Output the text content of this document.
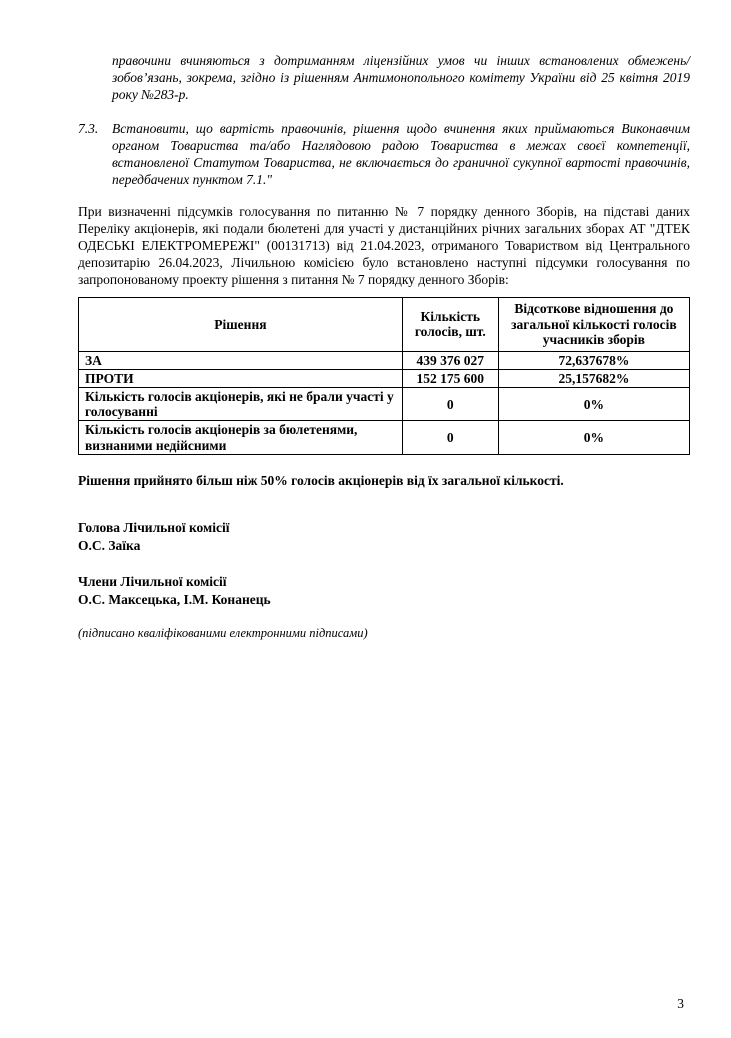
правочини вчиняються з дотриманням ліцензійних умов чи інших встановлених обмежень/зобов’язань, зокрема, згідно із рішенням Антимонопольного комітету України від 25 квітня 2019 року №283-р.

7.3.	Встановити, що вартість правочинів, рішення щодо вчинення яких приймаються Виконавчим органом Товариства та/або Наглядовою радою Товариства в межах своєї компетенції, встановленої Статутом Товариства, не включається до граничної сукупної вартості правочинів, передбачених пунктом 7.1."

При визначенні підсумків голосування по питанню № 7 порядку денного Зборів, на підставі даних Переліку акціонерів, які подали бюлетені для участі у дистанційних річних загальних зборах АТ "ДТЕК ОДЕСЬКІ ЕЛЕКТРОМЕРЕЖІ" (00131713) від 21.04.2023, отриманого Товариством від Центрального депозитарію 26.04.2023, Лічильною комісією було встановлено наступні підсумки голосування по запропонованому проекту рішення з питання № 7 порядку денного Зборів:

Рішення	Кількість голосів, шт.	Відсоткове відношення до загальної кількості голосів учасників зборів
ЗА	439 376 027	72,637678%
ПРОТИ	152 175 600	25,157682%
Кількість голосів акціонерів, які не брали участі у голосуванні	0	0%
Кількість голосів акціонерів за бюлетенями, визнаними недійсними	0	0%

Рішення прийнято більш ніж 50% голосів акціонерів від їх загальної кількості.

Голова Лічильної комісії

О.С. Заїка

Члени Лічильної комісії

О.С. Максецька, І.М. Конанець

(підписано кваліфікованими електронними підписами)

3
